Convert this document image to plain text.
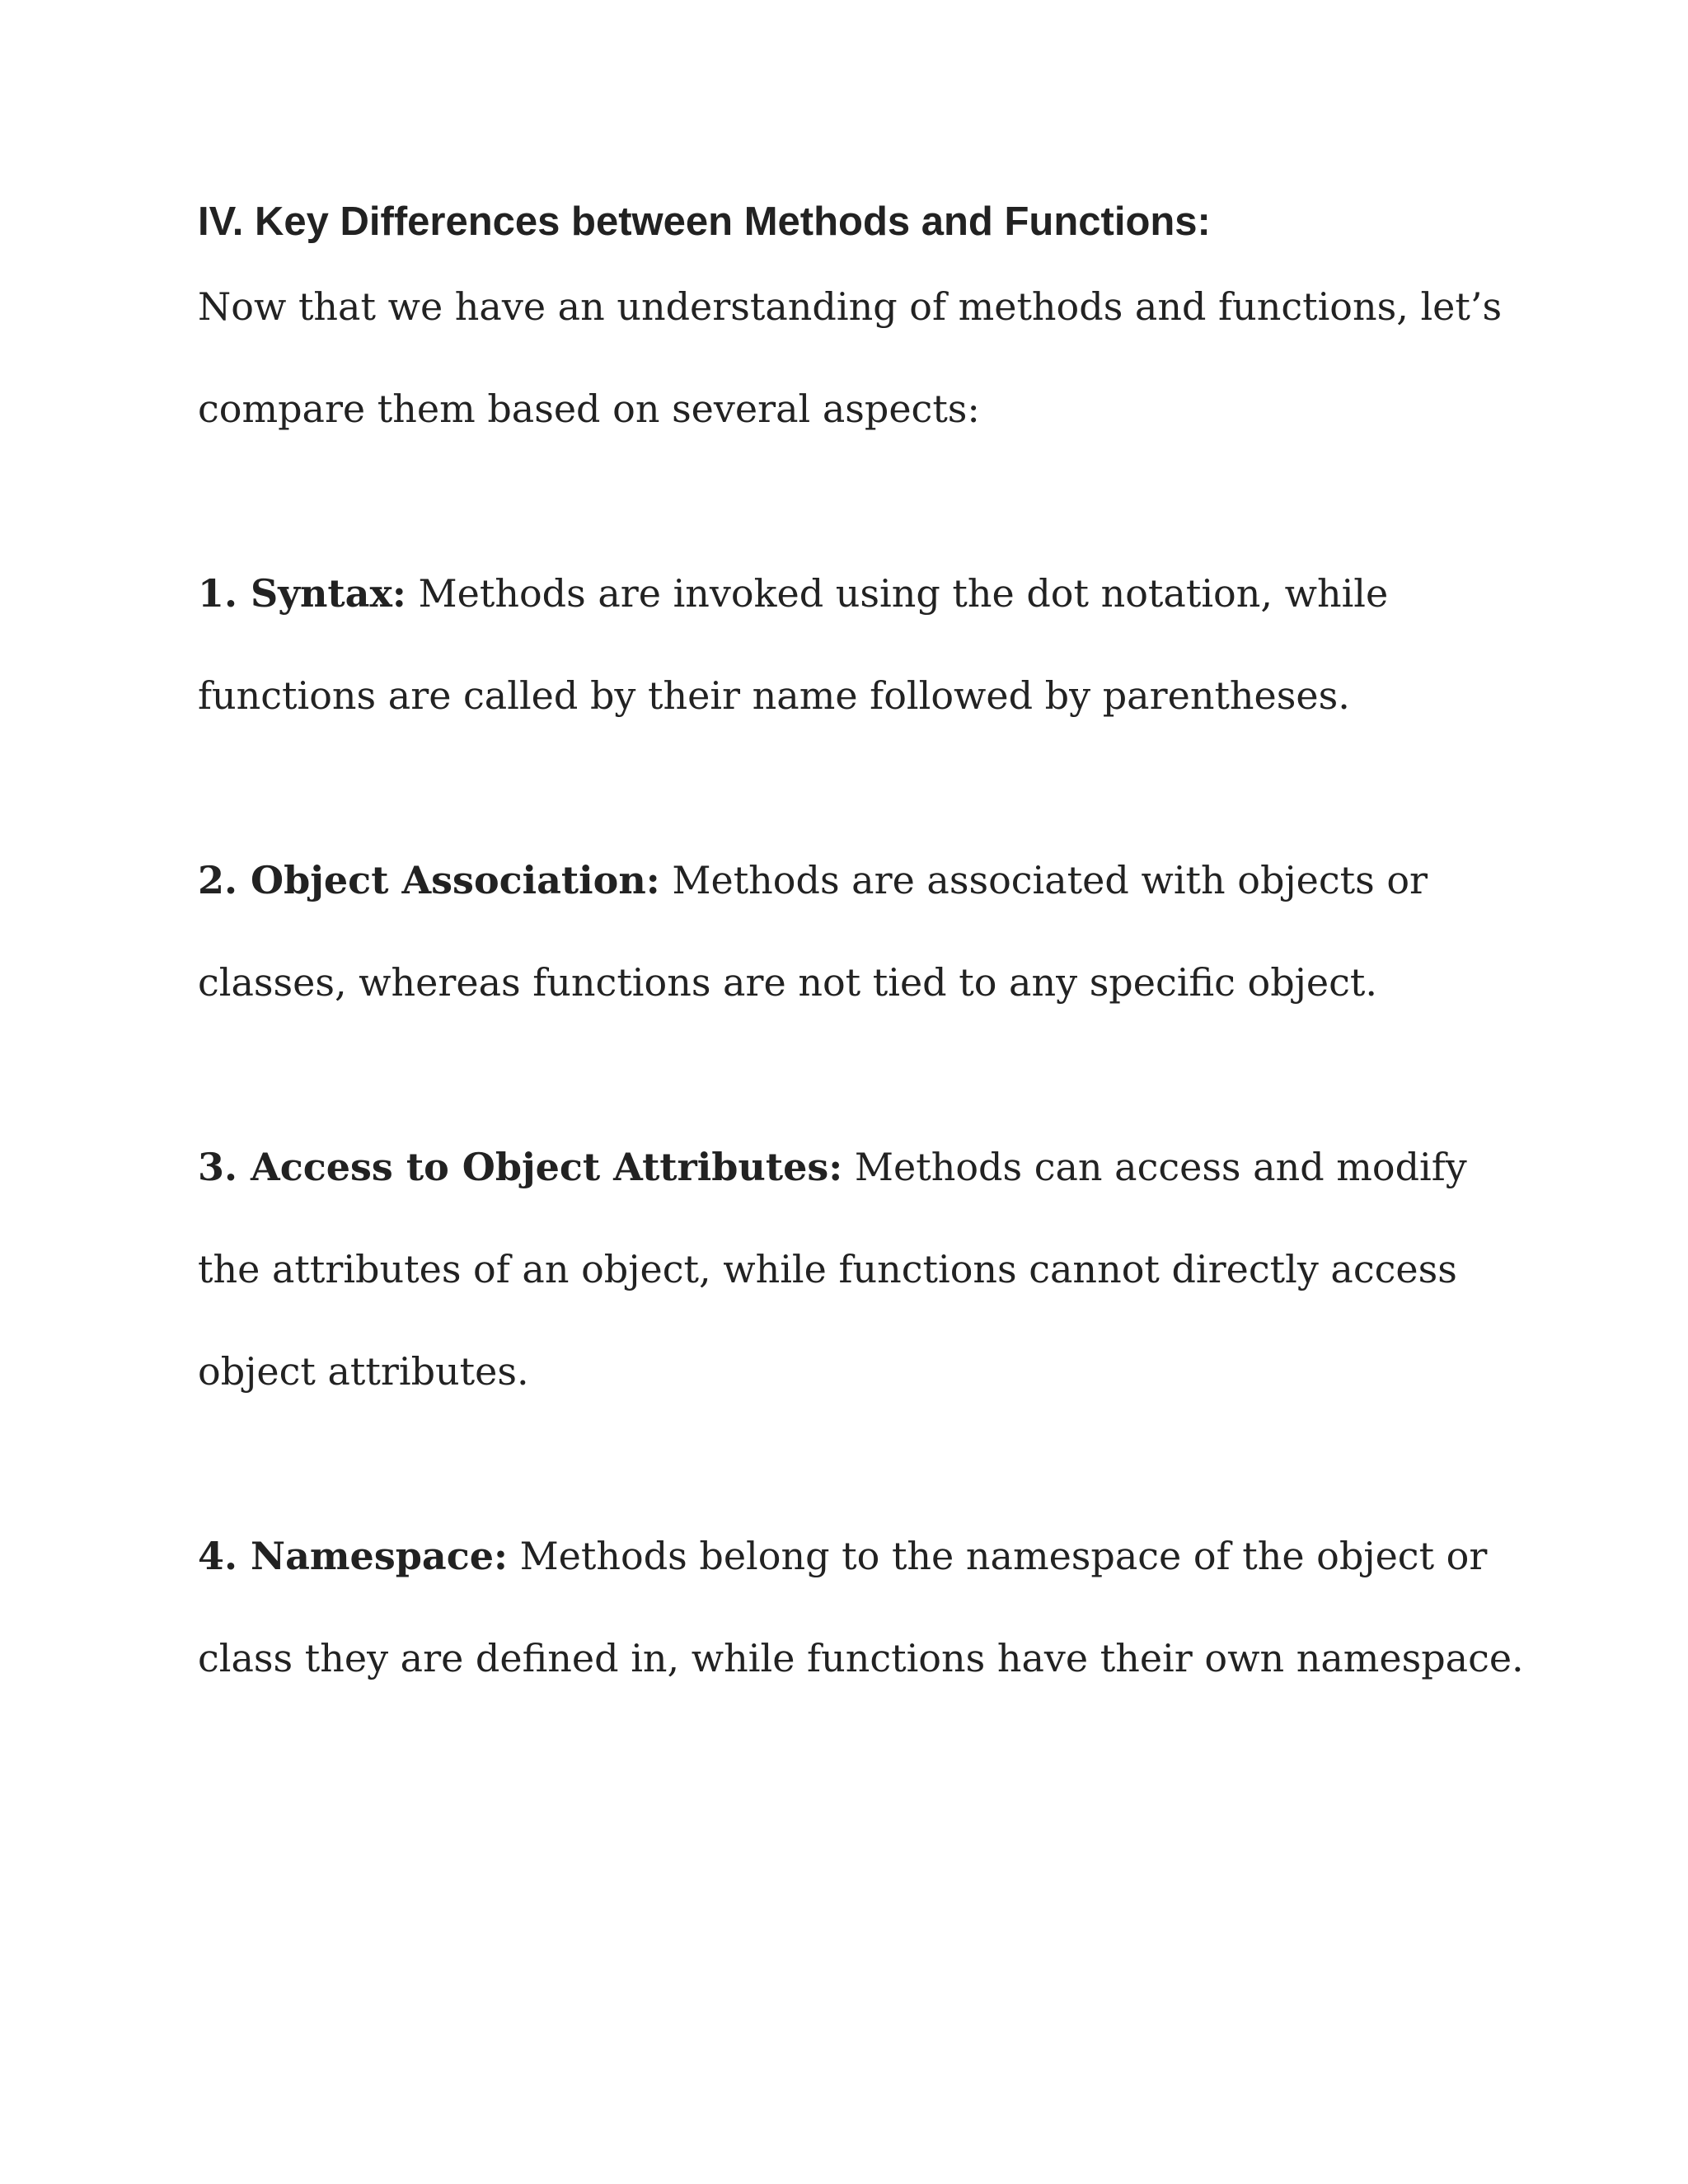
IV. Key Differences between Methods and Functions:

Now that we have an understanding of methods and functions, let’s compare them based on several aspects:

1. Syntax: Methods are invoked using the dot notation, while functions are called by their name followed by parentheses.

2. Object Association: Methods are associated with objects or classes, whereas functions are not tied to any specific object.

3. Access to Object Attributes: Methods can access and modify the attributes of an object, while functions cannot directly access object attributes.

4. Namespace: Methods belong to the namespace of the object or class they are defined in, while functions have their own namespace.
